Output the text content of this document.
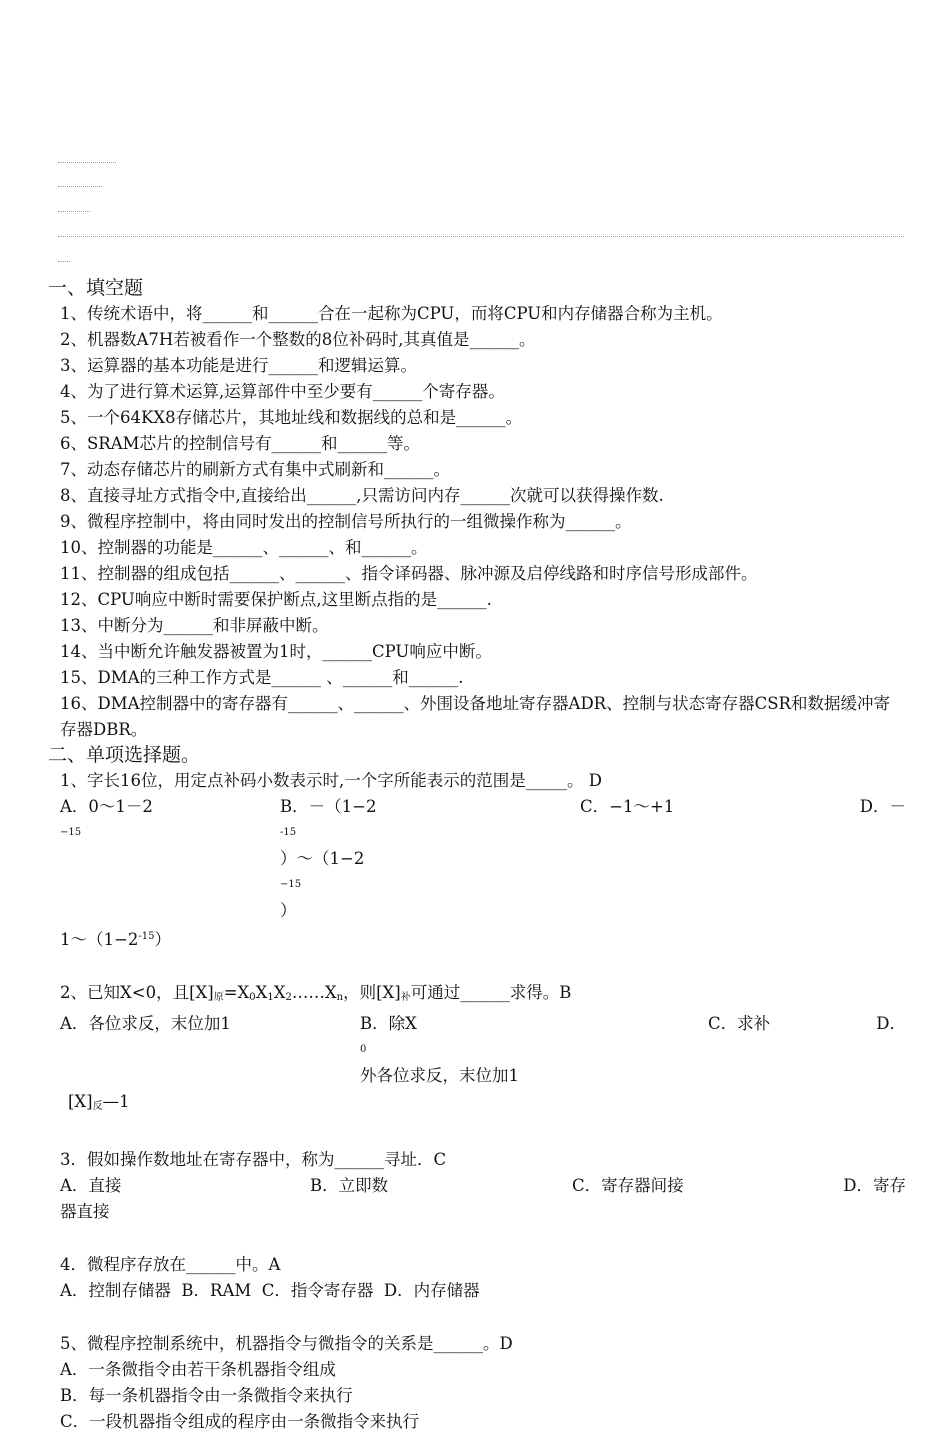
一、填空题
1、传统术语中，将______和______合在一起称为CPU，而将CPU和内存储器合称为主机。
2、机器数A7H若被看作一个整数的8位补码时,其真值是______。
3、运算器的基本功能是进行______和逻辑运算。
4、为了进行算术运算,运算部件中至少要有______个寄存器。
5、一个64KX8存储芯片，其地址线和数据线的总和是______。
6、SRAM芯片的控制信号有______和______等。
7、动态存储芯片的刷新方式有集中式刷新和______。
8、直接寻址方式指令中,直接给出______,只需访问内存______次就可以获得操作数.
9、微程序控制中，将由同时发出的控制信号所执行的一组微操作称为______。
10、控制器的功能是______、______、和______。
11、控制器的组成包括______、______、指令译码器、脉冲源及启停线路和时序信号形成部件。
12、CPU响应中断时需要保护断点,这里断点指的是______.
13、中断分为______和非屏蔽中断。
14、当中断允许触发器被置为1时，______CPU响应中断。
15、DMA的三种工作方式是______ 、______和______.
16、DMA控制器中的寄存器有______、______、外围设备地址寄存器ADR、控制与状态寄存器CSR和数据缓冲寄存器DBR。
二、单项选择题。
1、字长16位，用定点补码小数表示时,一个字所能表示的范围是_____。 D
A．0～1－2
−15
B．－（1−2
-15
）～（1−2
−15
）
C．−1～+1	D．－
$1\sim(1-2^{-15})$
2、已知X<0，且$[X]_原=X_0X_1X_2\dots\dots X_n$，则$[X]_补$可通过______求得。B
A．各位求反，末位加1	B．除X
0
外各位求反，末位加1
C．求补	D．
$[X]_反—1$
3．假如操作数地址在寄存器中，称为______寻址．C
A．直接	B．立即数	C．寄存器间接	D．寄存
器直接
4．微程序存放在______中。A
A．控制存储器  B．RAM  C．指令寄存器  D．内存储器
5、微程序控制系统中，机器指令与微指令的关系是______。D
A．一条微指令由若干条机器指令组成
B．每一条机器指令由一条微指令来执行
C．一段机器指令组成的程序由一条微指令来执行
